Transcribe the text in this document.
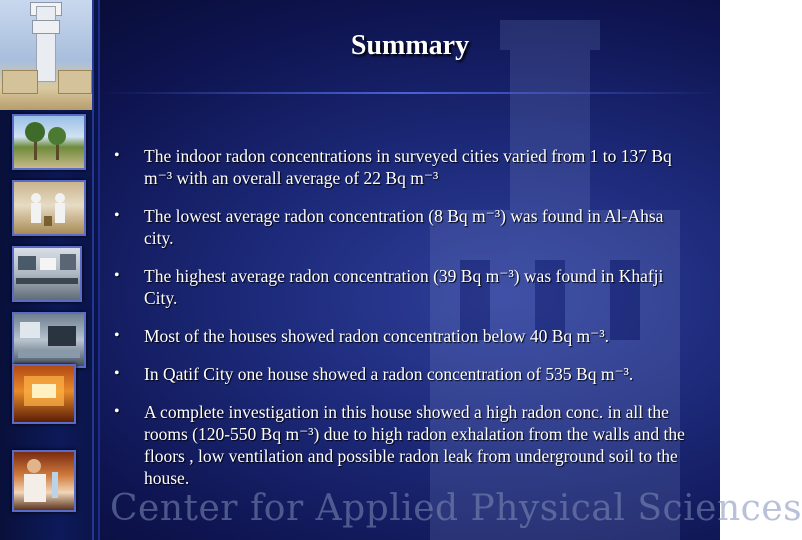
Summary
• The indoor radon concentrations in surveyed cities varied from 1 to 137 Bq m⁻³ with an overall average of 22 Bq m⁻³
• The lowest average radon concentration (8 Bq m⁻³) was found in Al-Ahsa city.
• The highest average radon concentration (39 Bq m⁻³) was found in Khafji City.
• Most of the houses showed radon concentration below 40 Bq m⁻³.
• In Qatif City one house showed a radon concentration of 535 Bq m⁻³.
• A complete investigation in this house showed a high radon conc. in all the rooms (120-550 Bq m⁻³) due to high radon exhalation from the walls and the floors , low ventilation and possible radon leak from underground soil to the house.
Center for Applied Physical Sciences
